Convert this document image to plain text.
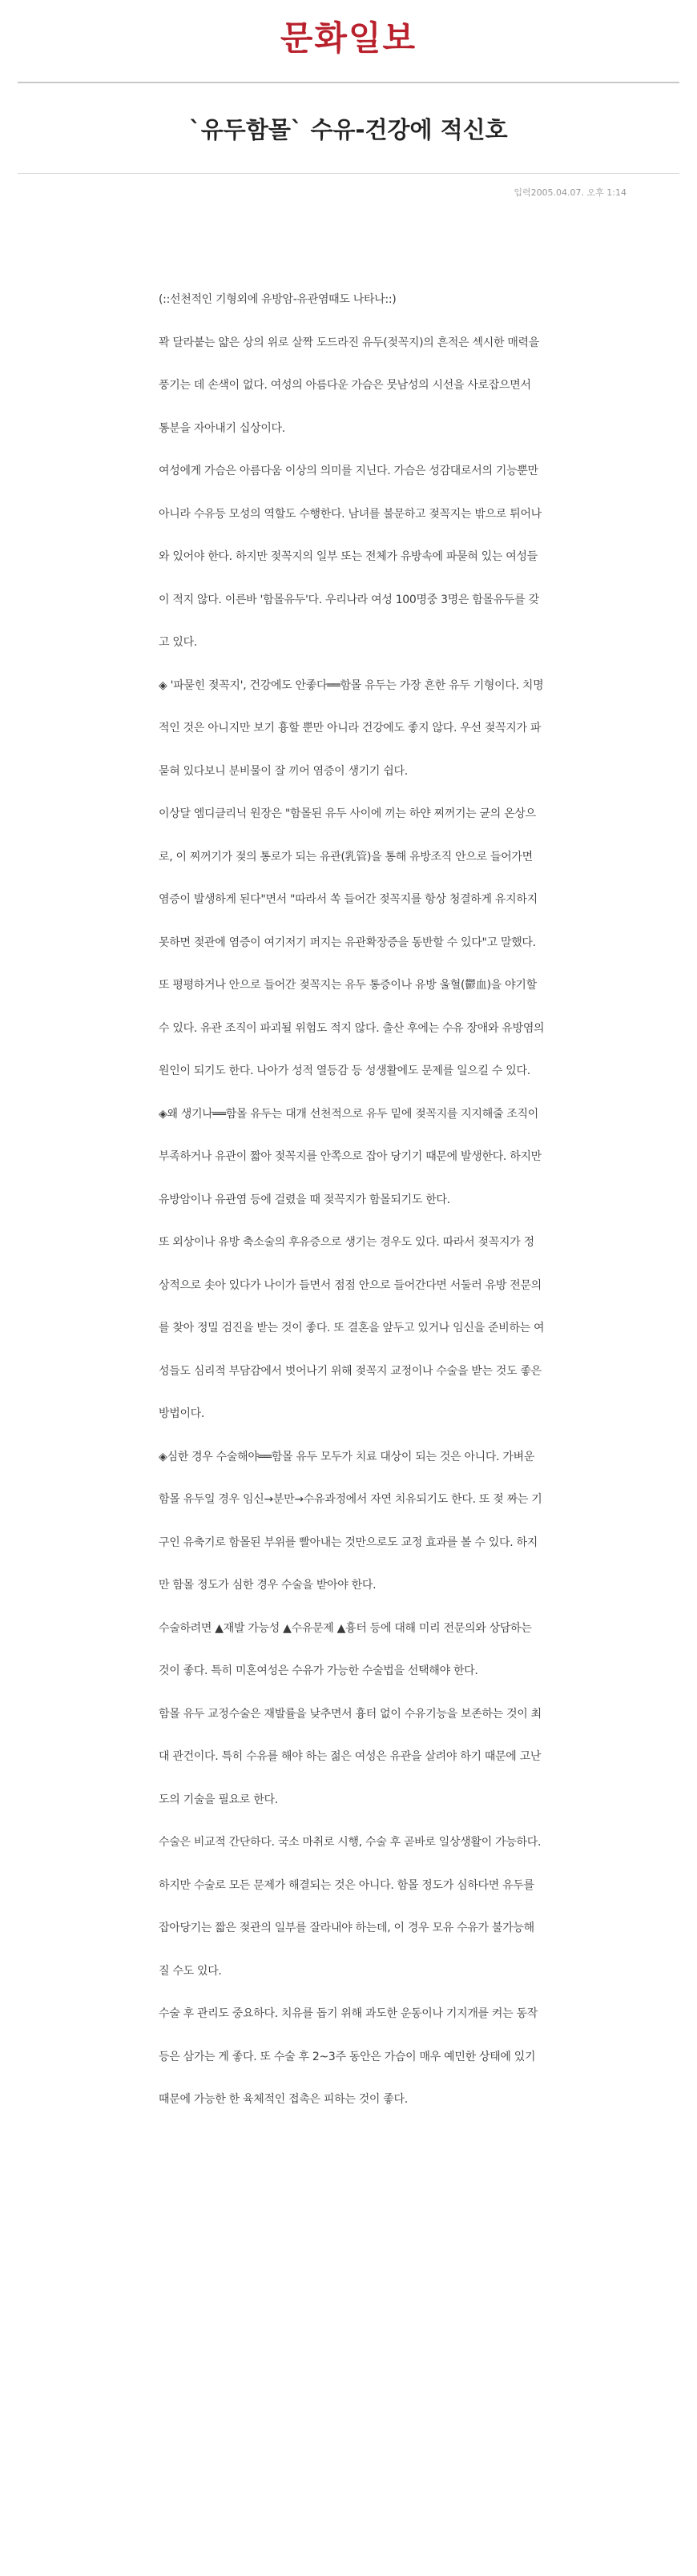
문화일보
`유두함몰` 수유-건강에 적신호
입력2005.04.07. 오후 1:14

(::선천적인 기형외에 유방암-유관염때도 나타나::)

꽉 달라붙는 얇은 상의 위로 살짝 도드라진 유두(젖꼭지)의 흔적은 섹시한 매력을 풍기는 데 손색이 없다. 여성의 아름다운 가슴은 뭇남성의 시선을 사로잡으면서 통분을 자아내기 십상이다.

여성에게 가슴은 아름다움 이상의 의미를 지닌다. 가슴은 성감대로서의 기능뿐만 아니라 수유등 모성의 역할도 수행한다. 남녀를 불문하고 젖꼭지는 밖으로 튀어나와 있어야 한다. 하지만 젖꼭지의 일부 또는 전체가 유방속에 파묻혀 있는 여성들이 적지 않다. 이른바 '함몰유두'다. 우리나라 여성 100명중 3명은 함몰유두를 갖고 있다.

◈ '파묻힌 젖꼭지', 건강에도 안좋다══함몰 유두는 가장 흔한 유두 기형이다. 치명적인 것은 아니지만 보기 흉할 뿐만 아니라 건강에도 좋지 않다. 우선 젖꼭지가 파묻혀 있다보니 분비물이 잘 끼어 염증이 생기기 쉽다.

이상달 엠디클리닉 원장은 "함몰된 유두 사이에 끼는 하얀 찌꺼기는 균의 온상으로, 이 찌꺼기가 젖의 통로가 되는 유관(乳管)을 통해 유방조직 안으로 들어가면 염증이 발생하게 된다"면서 "따라서 쏙 들어간 젖꼭지를 항상 청결하게 유지하지 못하면 젖관에 염증이 여기저기 퍼지는 유관확장증을 동반할 수 있다"고 말했다.

또 평평하거나 안으로 들어간 젖꼭지는 유두 통증이나 유방 울혈(鬱血)을 야기할 수 있다. 유관 조직이 파괴될 위험도 적지 않다. 출산 후에는 수유 장애와 유방염의 원인이 되기도 한다. 나아가 성적 열등감 등 성생활에도 문제를 일으킬 수 있다.

◈왜 생기나══함몰 유두는 대개 선천적으로 유두 밑에 젖꼭지를 지지해줄 조직이 부족하거나 유관이 짧아 젖꼭지를 안쪽으로 잡아 당기기 때문에 발생한다. 하지만 유방암이나 유관염 등에 걸렸을 때 젖꼭지가 함몰되기도 한다.

또 외상이나 유방 축소술의 후유증으로 생기는 경우도 있다. 따라서 젖꼭지가 정상적으로 솟아 있다가 나이가 들면서 점점 안으로 들어간다면 서둘러 유방 전문의를 찾아 정밀 검진을 받는 것이 좋다. 또 결혼을 앞두고 있거나 임신을 준비하는 여성들도 심리적 부담감에서 벗어나기 위해 젖꼭지 교정이나 수술을 받는 것도 좋은 방법이다.

◈심한 경우 수술해야══함몰 유두 모두가 치료 대상이 되는 것은 아니다. 가벼운 함몰 유두일 경우 임신→분만→수유과정에서 자연 치유되기도 한다. 또 젖 짜는 기구인 유축기로 함몰된 부위를 빨아내는 것만으로도 교정 효과를 볼 수 있다. 하지만 함몰 정도가 심한 경우 수술을 받아야 한다.

수술하려면 ▲재발 가능성 ▲수유문제 ▲흉터 등에 대해 미리 전문의와 상담하는 것이 좋다. 특히 미혼여성은 수유가 가능한 수술법을 선택해야 한다.

함몰 유두 교정수술은 재발률을 낮추면서 흉터 없이 수유기능을 보존하는 것이 최대 관건이다. 특히 수유를 해야 하는 젊은 여성은 유관을 살려야 하기 때문에 고난도의 기술을 필요로 한다.

수술은 비교적 간단하다. 국소 마취로 시행, 수술 후 곧바로 일상생활이 가능하다. 하지만 수술로 모든 문제가 해결되는 것은 아니다. 함몰 정도가 심하다면 유두를 잡아당기는 짧은 젖관의 일부를 잘라내야 하는데, 이 경우 모유 수유가 불가능해질 수도 있다.

수술 후 관리도 중요하다. 치유를 돕기 위해 과도한 운동이나 기지개를 켜는 동작 등은 삼가는 게 좋다. 또 수술 후 2~3주 동안은 가슴이 매우 예민한 상태에 있기 때문에 가능한 한 육체적인 접촉은 피하는 것이 좋다.
